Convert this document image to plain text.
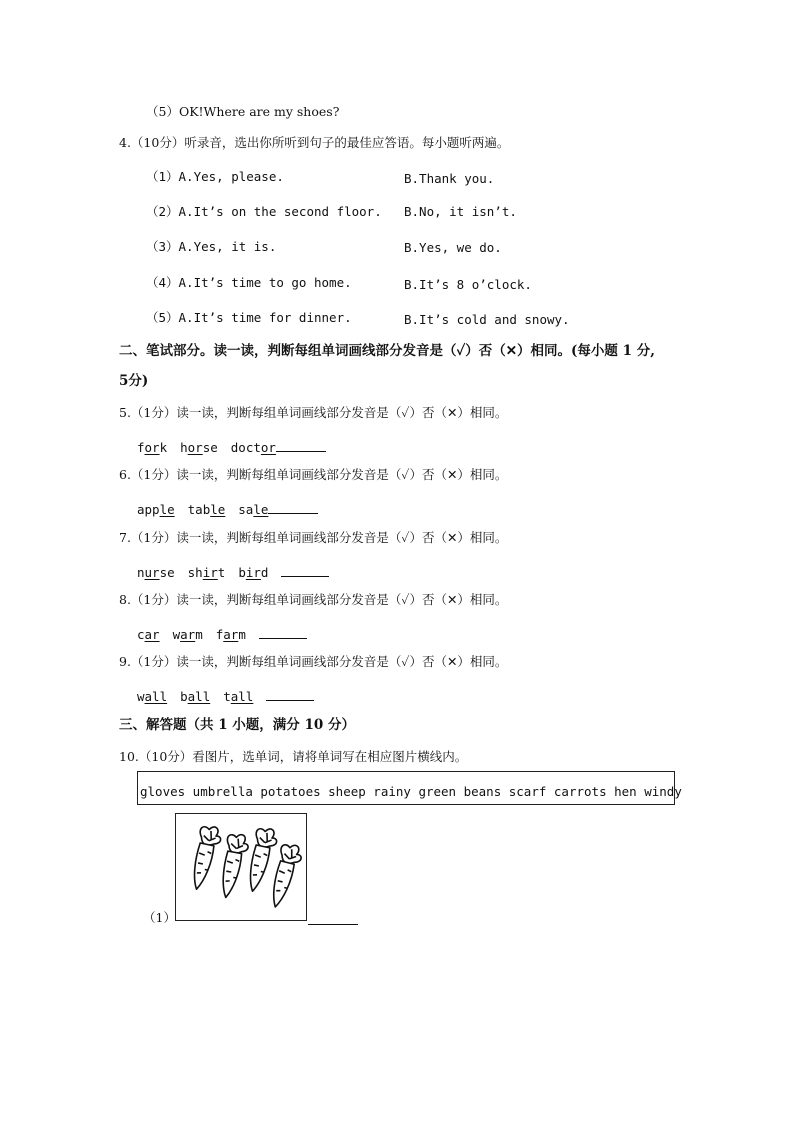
（5）OK!Where are my shoes?
4.（10分）听录音，选出你所听到句子的最佳应答语。每小题听两遍。
（1）A.Yes, please.	B.Thank you.
（2）A.It’s on the second floor. B.No, it isn’t.
（3）A.Yes, it is.	B.Yes, we do.
（4）A.It’s time to go home.	B.It’s 8 o’clock.
（5）A.It’s time for dinner.	B.It’s cold and snowy.
二、笔试部分。读一读，判断每组单词画线部分发音是（✓）否（✕）相同。(每小题 1 分,
5分)
5.（1分）读一读，判断每组单词画线部分发音是（✓）否（✕）相同。
fork horse doctor
6.（1分）读一读，判断每组单词画线部分发音是（✓）否（✕）相同。
apple table sale
7.（1分）读一读，判断每组单词画线部分发音是（✓）否（✕）相同。
nurse shirt bird
8.（1分）读一读，判断每组单词画线部分发音是（✓）否（✕）相同。
car warm farm
9.（1分）读一读，判断每组单词画线部分发音是（✓）否（✕）相同。
wall ball tall
三、解答题（共 1 小题，满分 10 分）
10.（10分）看图片，选单词，请将单词写在相应图片横线内。
gloves umbrella potatoes sheep rainy green beans scarf carrots hen windy
（1）
